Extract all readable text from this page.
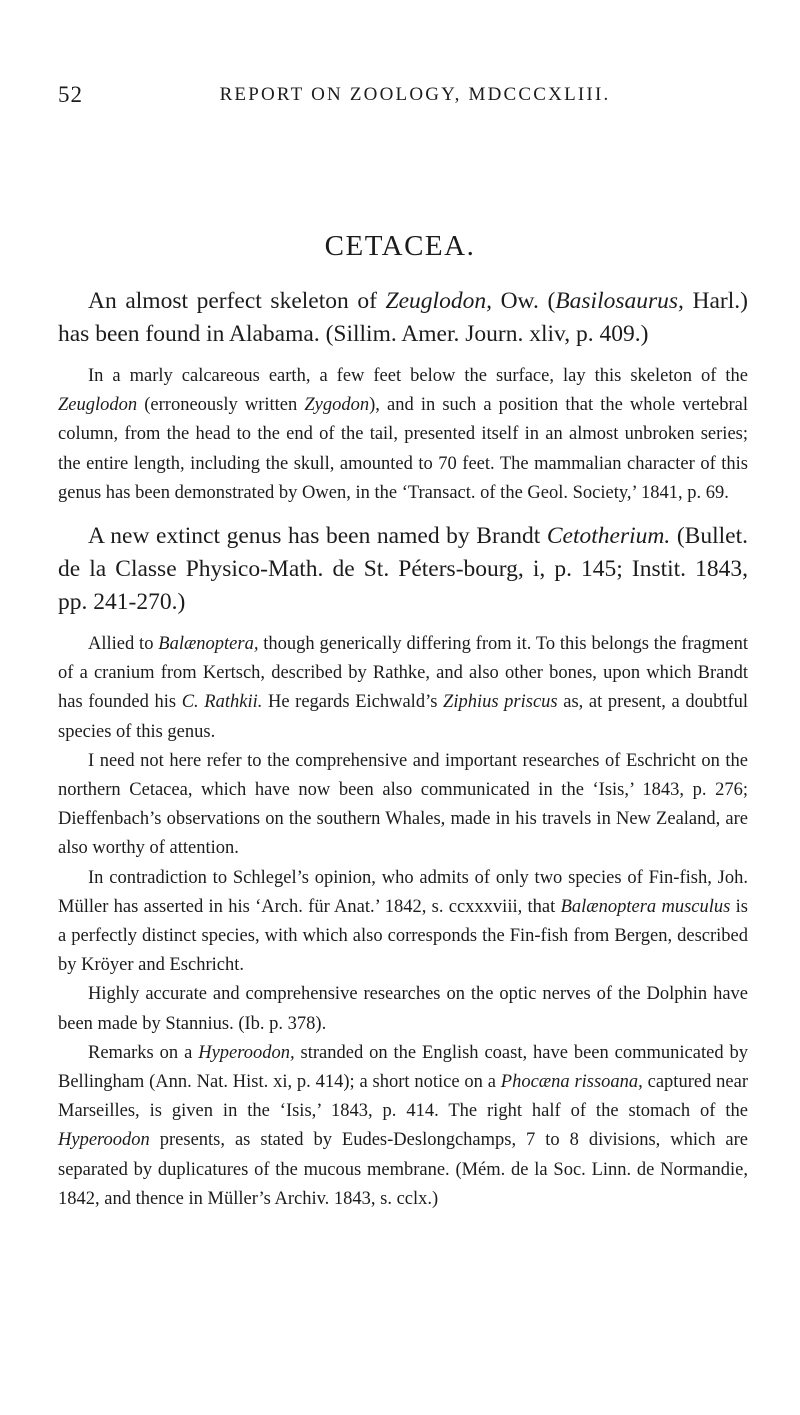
52	REPORT ON ZOOLOGY, MDCCCXLIII.
CETACEA.

An almost perfect skeleton of Zeuglodon, Ow. (Basilosaurus, Harl.) has been found in Alabama. (Sillim. Amer. Journ. xliv, p. 409.)

In a marly calcareous earth, a few feet below the surface, lay this skeleton of the Zeuglodon (erroneously written Zygodon), and in such a position that the whole vertebral column, from the head to the end of the tail, presented itself in an almost unbroken series; the entire length, including the skull, amounted to 70 feet. The mammalian character of this genus has been demonstrated by Owen, in the ‘Transact. of the Geol. Society,’ 1841, p. 69.

A new extinct genus has been named by Brandt Cetotherium. (Bullet. de la Classe Physico-Math. de St. Péters-bourg, i, p. 145; Instit. 1843, pp. 241-270.)

Allied to Balænoptera, though generically differing from it. To this belongs the fragment of a cranium from Kertsch, described by Rathke, and also other bones, upon which Brandt has founded his C. Rathkii. He regards Eichwald’s Ziphius priscus as, at present, a doubtful species of this genus.

I need not here refer to the comprehensive and important researches of Eschricht on the northern Cetacea, which have now been also communicated in the ‘Isis,’ 1843, p. 276; Dieffenbach’s observations on the southern Whales, made in his travels in New Zealand, are also worthy of attention.

In contradiction to Schlegel’s opinion, who admits of only two species of Fin-fish, Joh. Müller has asserted in his ‘Arch. für Anat.’ 1842, s. ccxxxviii, that Balænoptera musculus is a perfectly distinct species, with which also corresponds the Fin-fish from Bergen, described by Kröyer and Eschricht.

Highly accurate and comprehensive researches on the optic nerves of the Dolphin have been made by Stannius. (Ib. p. 378).

Remarks on a Hyperoodon, stranded on the English coast, have been communicated by Bellingham (Ann. Nat. Hist. xi, p. 414); a short notice on a Phocæna rissoana, captured near Marseilles, is given in the ‘Isis,’ 1843, p. 414. The right half of the stomach of the Hyperoodon presents, as stated by Eudes-Deslongchamps, 7 to 8 divisions, which are separated by duplicatures of the mucous membrane. (Mém. de la Soc. Linn. de Normandie, 1842, and thence in Müller’s Archiv. 1843, s. cclx.)
